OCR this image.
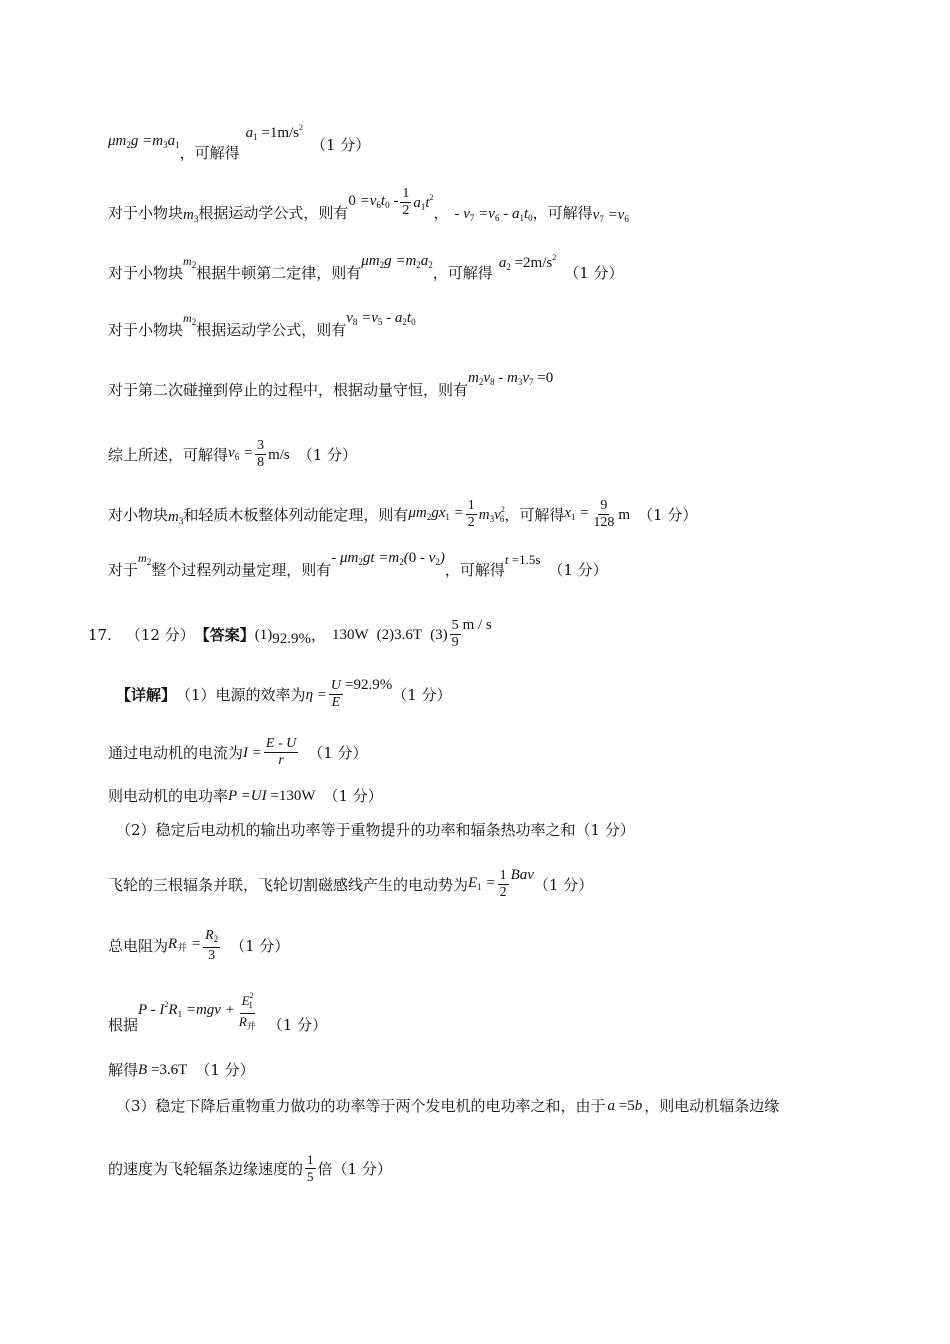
$\mu m_2g =m_3a_1$ ，可解得
$a_1 =1m/s^2$
（1 分）
对于小物块 $m_3$ 根据运动学公式，则有
$0 =v_6t_0 - \frac{1}{2} a_1t^2$
， - $v_7 =v_6 - a_1t_0$ ，可解得 $v_7 =v_6$
对于小物块
$m_2$ 根据牛顿第二定律，则有
$\mu m_2g =m_2a_2$ ，可解得
$a_2 =2m/s^2$
（1 分）
对于小物块
$m_2$ 根据运动学公式，则有
$v_8 =v_5 - a_2t_0$
对于第二次碰撞到停止的过程中，根据动量守恒，则有
$m_2v_8 - m_3v_7 =0$
综上所述，可解得 $v_6 = \frac{3}{8} m/s$ （1 分）
对小物块 $m_3$ 和轻质木板整体列动能定理，则有 $\mu m_2gx_1 = \frac{1}{2} m_3v^2_6$ ，可解得 $x_1 = \frac{9}{128}$ m （1 分）
对于
$m_2$ 整个过程列动量定理，则有
- $\mu m_2gt =m_2(0 - v_2)$
，可解得
t =1.5s
（1 分）
17. （12 分） 【答案】 (1) 92.9% ， 130W (2)3.6T $(3) \frac{5}{9}$ m / s
【详解】 （1）电源的效率为 $\eta = \frac{U}{E} =92.9\%$
（1 分）
通过电动机的电流为 $I = \frac{E - U}{r} (1$ 分）
则电动机的电功率 P =UI =130W （1 分）
（2）稳定后电动机的输出功率等于重物提升的功率和辐条热功率之和（1 分）
飞轮的三根辐条并联，飞轮切割磁感线产生的电动势为 $E_1 = \frac{1}{2}$ Bav
（1 分）
总电阻为 $R_并 = \frac{R_2}{3} (1$ 分）
根据
$P - I^2R_1 =mgv + \frac{E^2_1}{R_并} (1$ 分）
解得 B =3.6T （1 分）
（3）稳定下降后重物重力做功的功率等于两个发电机的电功率之和，由于 a =5b ，则电动机辐条边缘
的速度为飞轮辐条边缘速度的 $\frac{1}{5}$ 倍（1 分）
